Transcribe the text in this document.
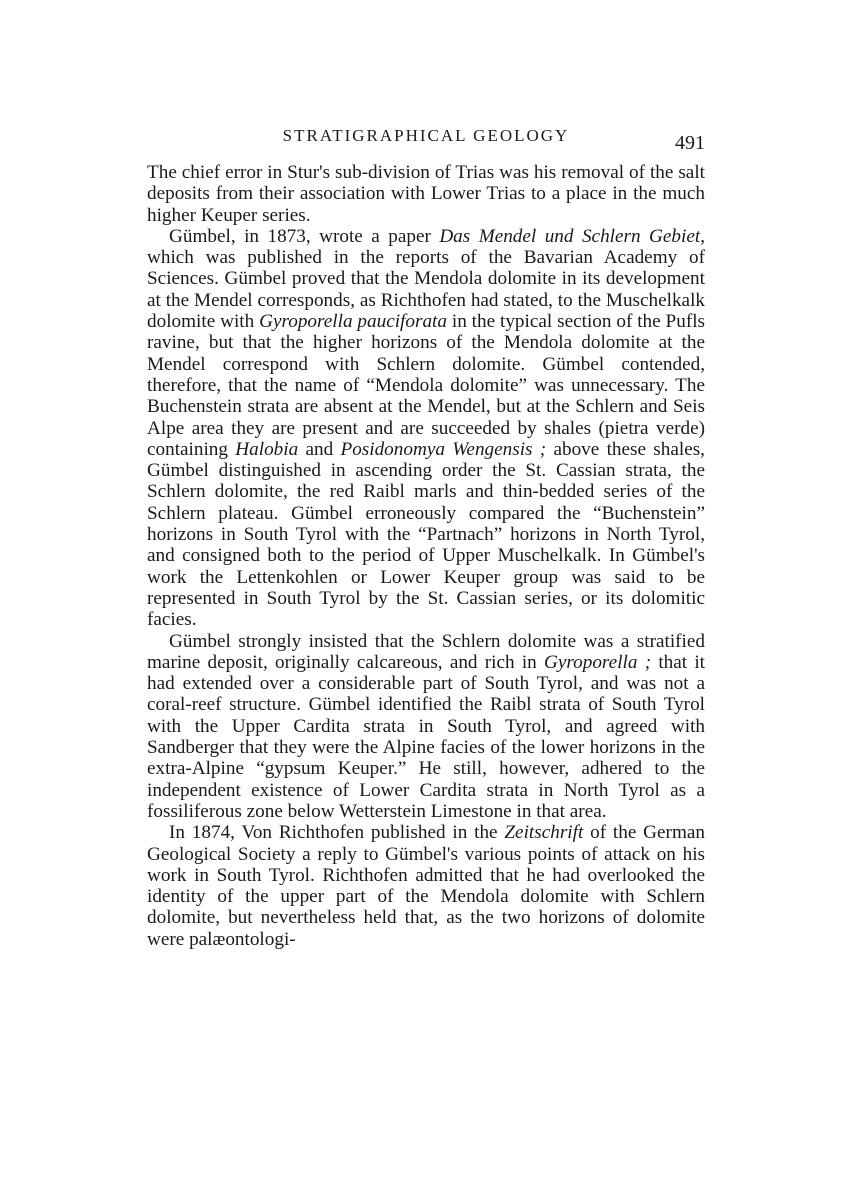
STRATIGRAPHICAL GEOLOGY	491

The chief error in Stur's sub-division of Trias was his removal of the salt deposits from their association with Lower Trias to a place in the much higher Keuper series.

Gümbel, in 1873, wrote a paper Das Mendel und Schlern Gebiet, which was published in the reports of the Bavarian Academy of Sciences. Gümbel proved that the Mendola dolomite in its development at the Mendel corresponds, as Richthofen had stated, to the Muschelkalk dolomite with Gyroporella pauciforata in the typical section of the Pufls ravine, but that the higher horizons of the Mendola dolomite at the Mendel correspond with Schlern dolomite. Gümbel contended, therefore, that the name of “Mendola dolomite” was unnecessary. The Buchenstein strata are absent at the Mendel, but at the Schlern and Seis Alpe area they are present and are succeeded by shales (pietra verde) containing Halobia and Posidonomya Wengensis ; above these shales, Gümbel distinguished in ascending order the St. Cassian strata, the Schlern dolomite, the red Raibl marls and thin-bedded series of the Schlern plateau. Gümbel erroneously compared the “Buchenstein” horizons in South Tyrol with the “Partnach” horizons in North Tyrol, and consigned both to the period of Upper Muschelkalk. In Gümbel's work the Lettenkohlen or Lower Keuper group was said to be represented in South Tyrol by the St. Cassian series, or its dolomitic facies.

Gümbel strongly insisted that the Schlern dolomite was a stratified marine deposit, originally calcareous, and rich in Gyroporella ; that it had extended over a considerable part of South Tyrol, and was not a coral-reef structure. Gümbel identified the Raibl strata of South Tyrol with the Upper Cardita strata in South Tyrol, and agreed with Sandberger that they were the Alpine facies of the lower horizons in the extra-Alpine “gypsum Keuper.” He still, however, adhered to the independent existence of Lower Cardita strata in North Tyrol as a fossiliferous zone below Wetterstein Limestone in that area.

In 1874, Von Richthofen published in the Zeitschrift of the German Geological Society a reply to Gümbel's various points of attack on his work in South Tyrol. Richthofen admitted that he had overlooked the identity of the upper part of the Mendola dolomite with Schlern dolomite, but nevertheless held that, as the two horizons of dolomite were palæontologi-
